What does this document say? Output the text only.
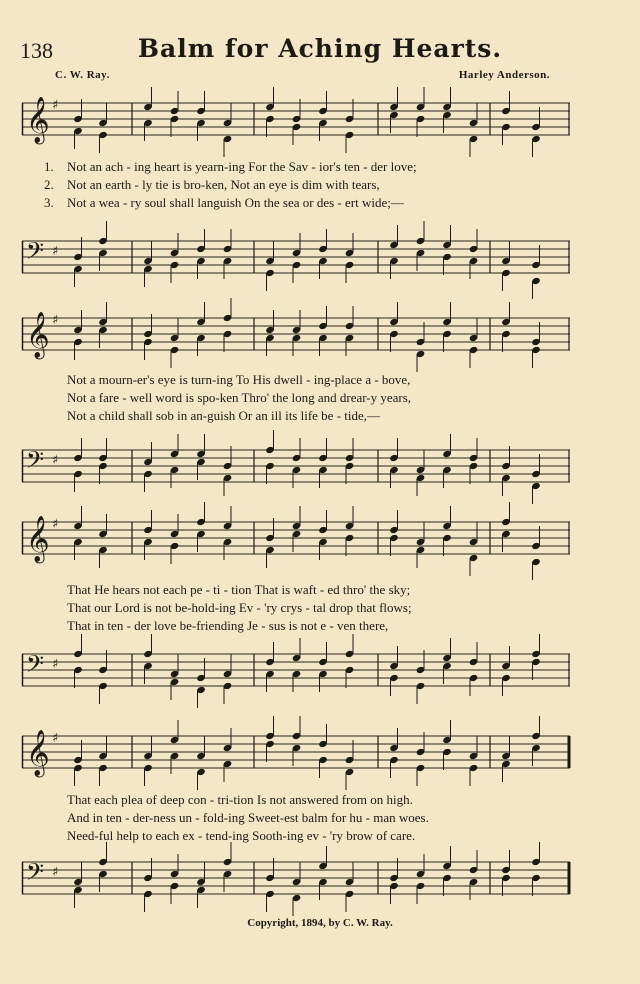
138	Balm for Aching Hearts.
C. W. Ray.	Harley Anderson.
𝄞 ♯
1.	Not an ach - ing heart is yearn-ing For the Sav - ior's ten - der love;
2.	Not an earth - ly tie is bro-ken, Not an eye is dim with tears,
3.	Not a wea - ry soul shall languish On the sea or des - ert wide;—
𝄢 ♯
𝄞 ♯
Not a mourn-er's eye is turn-ing To His dwell - ing-place a - bove,
Not a fare - well word is spo-ken Thro' the long and drear-y years,
Not a child shall sob in an-guish Or an ill its life be - tide,—
𝄢 ♯
𝄞 ♯
That He hears not each pe - ti - tion That is waft - ed thro' the sky;
That our Lord is not be-hold-ing Ev - 'ry crys - tal drop that flows;
That in ten - der love be-friending Je - sus is not e - ven there,
𝄢 ♯
𝄞 ♯
That each plea of deep con - tri-tion Is not answered from on high.
And in ten - der-ness un - fold-ing Sweet-est balm for hu - man woes.
Need-ful help to each ex - tend-ing Sooth-ing ev - 'ry brow of care.
𝄢 ♯
Copyright, 1894, by C. W. Ray.
